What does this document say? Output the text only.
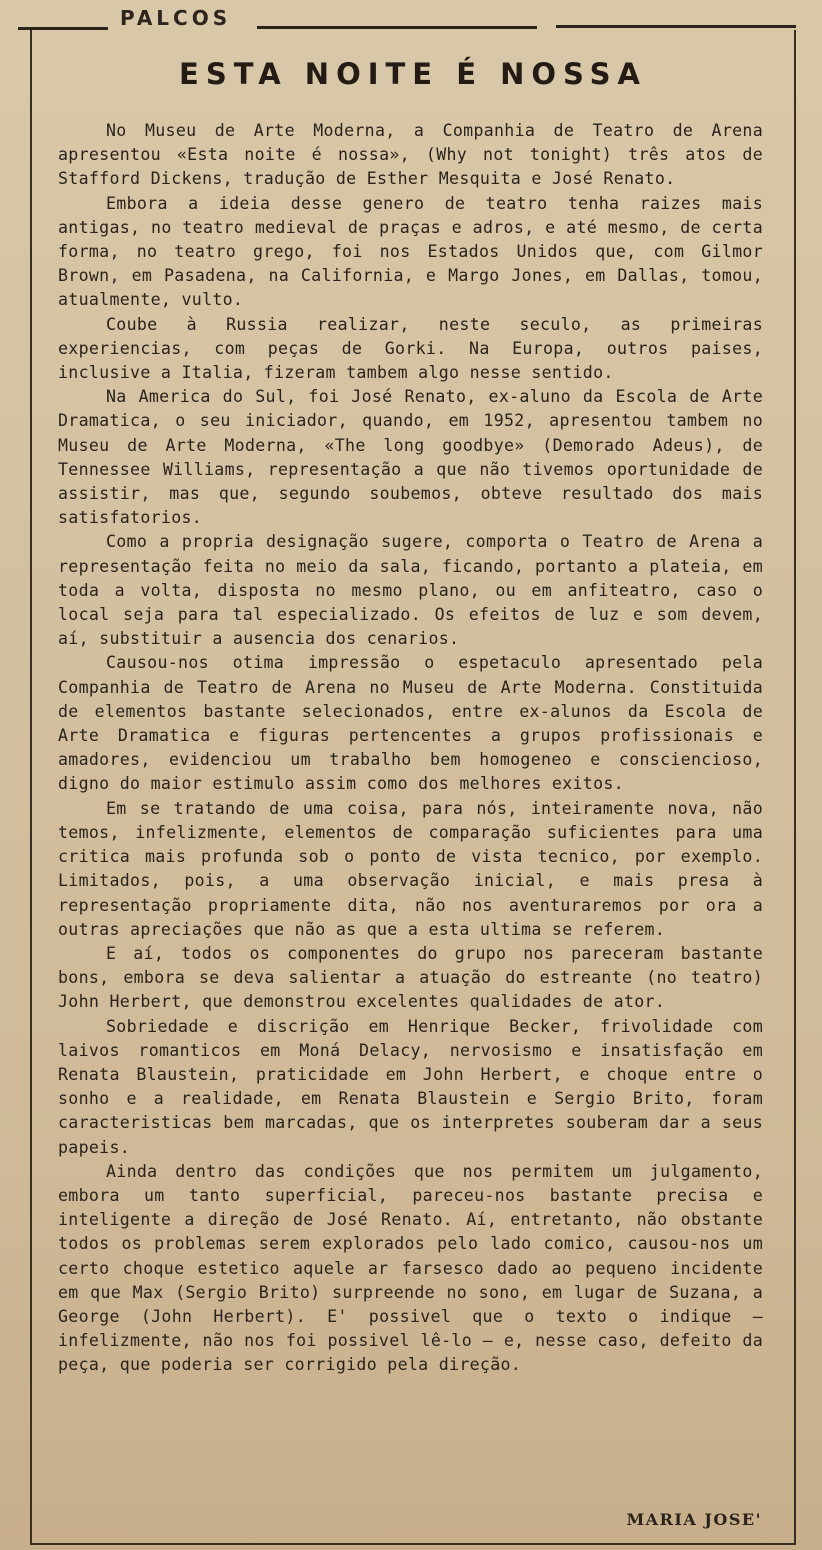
PALCOS
ESTA NOITE É NOSSA

No Museu de Arte Moderna, a Companhia de Teatro de Arena apresentou «Esta noite é nossa», (Why not tonight) três atos de Stafford Dickens, tradução de Esther Mesquita e José Renato.

Embora a ideia desse genero de teatro tenha raizes mais antigas, no teatro medieval de praças e adros, e até mesmo, de certa forma, no teatro grego, foi nos Estados Unidos que, com Gilmor Brown, em Pasadena, na California, e Margo Jones, em Dallas, tomou, atualmente, vulto.

Coube à Russia realizar, neste seculo, as primeiras experiencias, com peças de Gorki. Na Europa, outros paises, inclusive a Italia, fizeram tambem algo nesse sentido.

Na America do Sul, foi José Renato, ex-aluno da Escola de Arte Dramatica, o seu iniciador, quando, em 1952, apresentou tambem no Museu de Arte Moderna, «The long goodbye» (Demorado Adeus), de Tennessee Williams, representação a que não tivemos oportunidade de assistir, mas que, segundo soubemos, obteve resultado dos mais satisfatorios.

Como a propria designação sugere, comporta o Teatro de Arena a representação feita no meio da sala, ficando, portanto a plateia, em toda a volta, disposta no mesmo plano, ou em anfiteatro, caso o local seja para tal especializado. Os efeitos de luz e som devem, aí, substituir a ausencia dos cenarios.

Causou-nos otima impressão o espetaculo apresentado pela Companhia de Teatro de Arena no Museu de Arte Moderna. Constituida de elementos bastante selecionados, entre ex-alunos da Escola de Arte Dramatica e figuras pertencentes a grupos profissionais e amadores, evidenciou um trabalho bem homogeneo e consciencioso, digno do maior estimulo assim como dos melhores exitos.

Em se tratando de uma coisa, para nós, inteiramente nova, não temos, infelizmente, elementos de comparação suficientes para uma critica mais profunda sob o ponto de vista tecnico, por exemplo. Limitados, pois, a uma observação inicial, e mais presa à representação propriamente dita, não nos aventuraremos por ora a outras apreciações que não as que a esta ultima se referem.

E aí, todos os componentes do grupo nos pareceram bastante bons, embora se deva salientar a atuação do estreante (no teatro) John Herbert, que demonstrou excelentes qualidades de ator.

Sobriedade e discrição em Henrique Becker, frivolidade com laivos romanticos em Moná Delacy, nervosismo e insatisfação em Renata Blaustein, praticidade em John Herbert, e choque entre o sonho e a realidade, em Renata Blaustein e Sergio Brito, foram caracteristicas bem marcadas, que os interpretes souberam dar a seus papeis.

Ainda dentro das condições que nos permitem um julgamento, embora um tanto superficial, pareceu-nos bastante precisa e inteligente a direção de José Renato. Aí, entretanto, não obstante todos os problemas serem explorados pelo lado comico, causou-nos um certo choque estetico aquele ar farsesco dado ao pequeno incidente em que Max (Sergio Brito) surpreende no sono, em lugar de Suzana, a George (John Herbert). E' possivel que o texto o indique — infelizmente, não nos foi possivel lê-lo — e, nesse caso, defeito da peça, que poderia ser corrigido pela direção.

MARIA JOSE'
